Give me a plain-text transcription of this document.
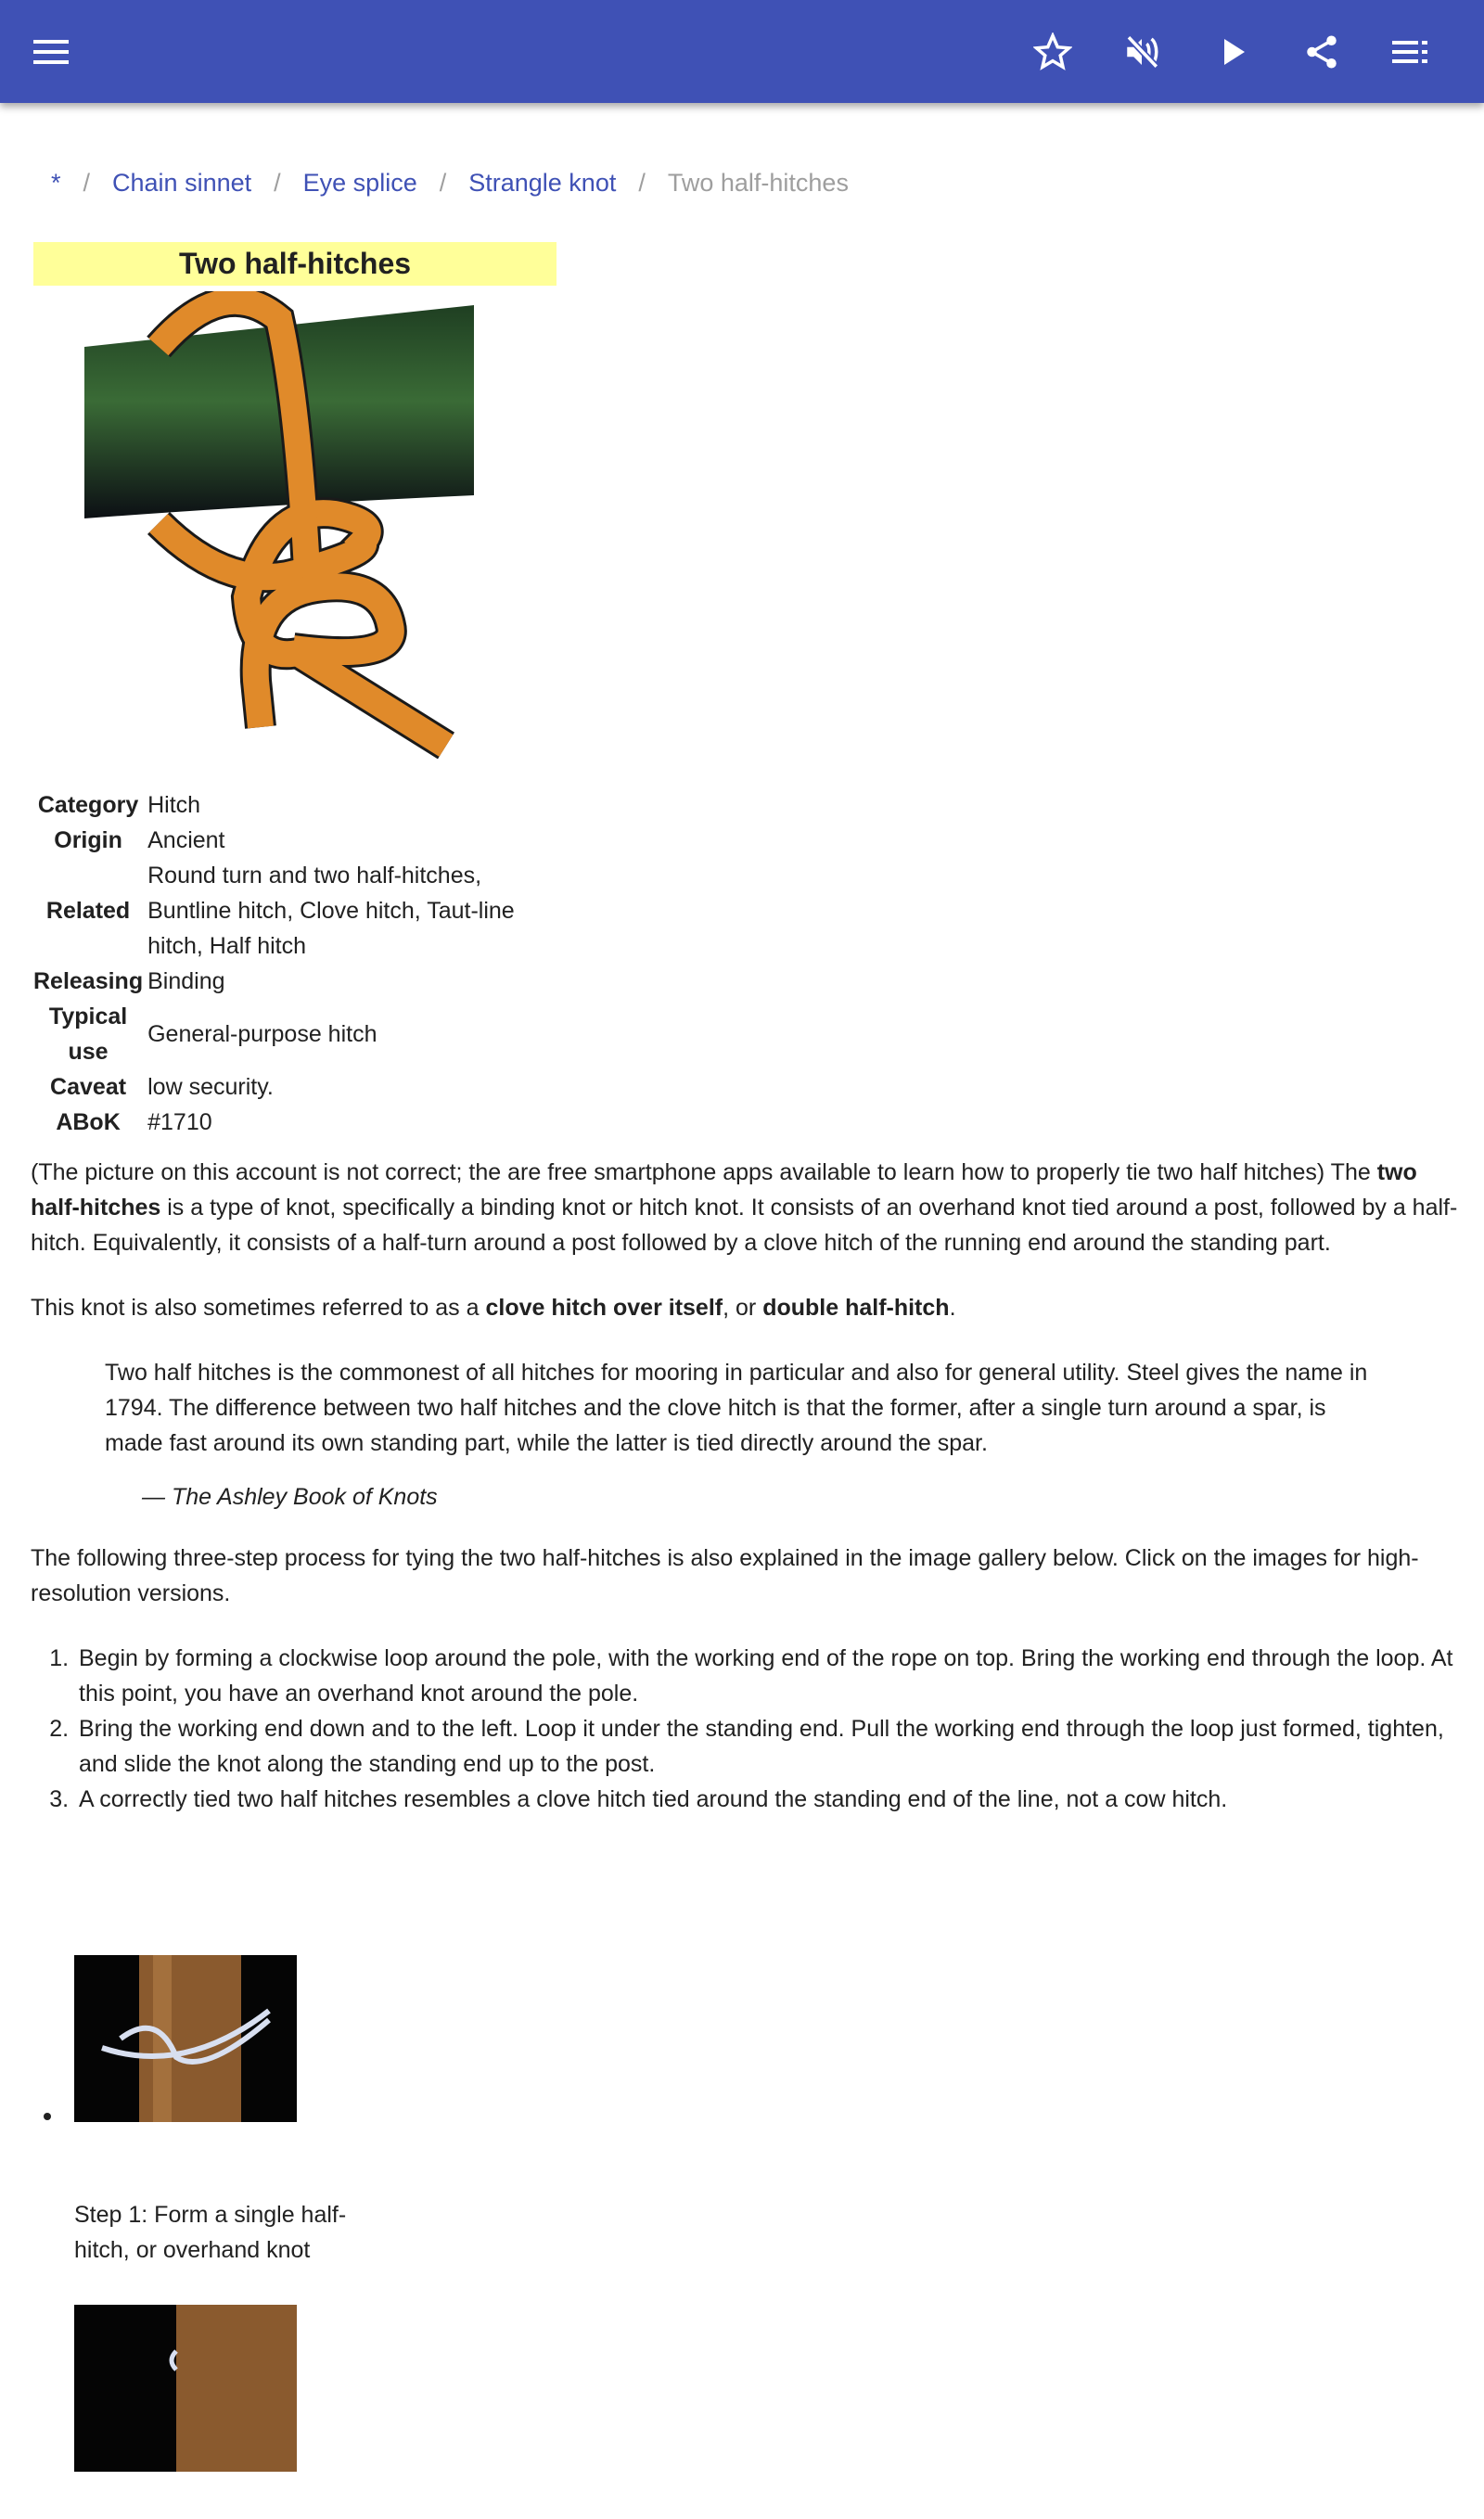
* / Chain sinnet / Eye splice / Strangle knot / Two half-hitches
Two half-hitches
Category	Hitch
Origin	Ancient
Related	Round turn and two half-hitches, Buntline hitch, Clove hitch, Taut-line hitch, Half hitch
Releasing	Binding
Typical use	General-purpose hitch
Caveat	low security.
ABoK	#1710

(The picture on this account is not correct; the are free smartphone apps available to learn how to properly tie two half hitches) The two half-hitches is a type of knot, specifically a binding knot or hitch knot. It consists of an overhand knot tied around a post, followed by a half-hitch. Equivalently, it consists of a half-turn around a post followed by a clove hitch of the running end around the standing part.

This knot is also sometimes referred to as a clove hitch over itself, or double half-hitch.

Two half hitches is the commonest of all hitches for mooring in particular and also for general utility. Steel gives the name in 1794. The difference between two half hitches and the clove hitch is that the former, after a single turn around a spar, is made fast around its own standing part, while the latter is tied directly around the spar.
— The Ashley Book of Knots

The following three-step process for tying the two half-hitches is also explained in the image gallery below. Click on the images for high-resolution versions.

1. Begin by forming a clockwise loop around the pole, with the working end of the rope on top. Bring the working end through the loop. At this point, you have an overhand knot around the pole.
2. Bring the working end down and to the left. Loop it under the standing end. Pull the working end through the loop just formed, tighten, and slide the knot along the standing end up to the post.
3. A correctly tied two half hitches resembles a clove hitch tied around the standing end of the line, not a cow hitch.
Step 1: Form a single half-hitch, or overhand knot
